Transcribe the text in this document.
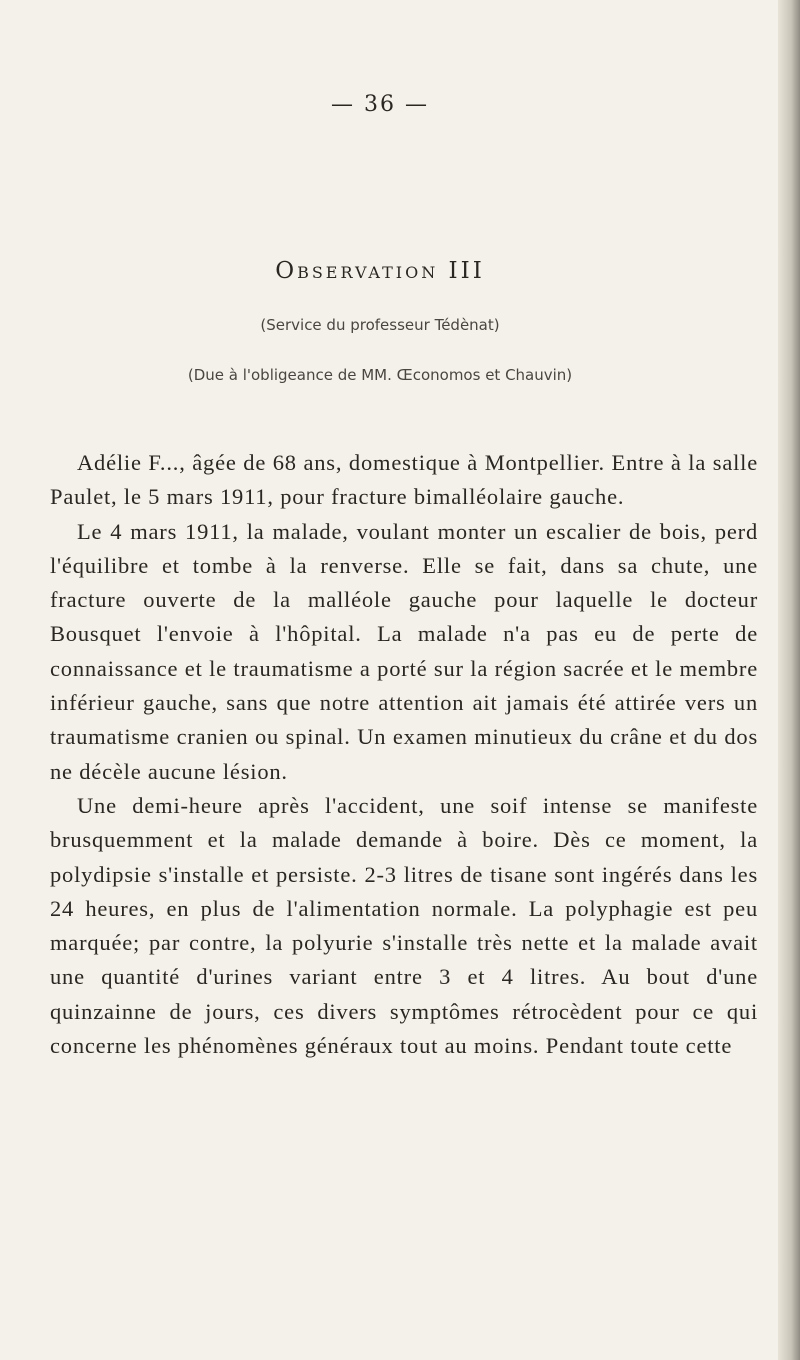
— 36 —
Observation III
(Service du professeur Tédènat)
(Due à l'obligeance de MM. Œconomos et Chauvin)

Adélie F..., âgée de 68 ans, domestique à Montpellier. Entre à la salle Paulet, le 5 mars 1911, pour fracture bimalléolaire gauche.

Le 4 mars 1911, la malade, voulant monter un escalier de bois, perd l'équilibre et tombe à la renverse. Elle se fait, dans sa chute, une fracture ouverte de la malléole gauche pour laquelle le docteur Bousquet l'envoie à l'hôpital. La malade n'a pas eu de perte de connaissance et le traumatisme a porté sur la région sacrée et le membre inférieur gauche, sans que notre attention ait jamais été attirée vers un traumatisme cranien ou spinal. Un examen minutieux du crâne et du dos ne décèle aucune lésion.

Une demi-heure après l'accident, une soif intense se manifeste brusquemment et la malade demande à boire. Dès ce moment, la polydipsie s'installe et persiste. 2-3 litres de tisane sont ingérés dans les 24 heures, en plus de l'alimentation normale. La polyphagie est peu marquée; par contre, la polyurie s'installe très nette et la malade avait une quantité d'urines variant entre 3 et 4 litres. Au bout d'une quinzainne de jours, ces divers symptômes rétrocèdent pour ce qui concerne les phénomènes généraux tout au moins. Pendant toute cette
